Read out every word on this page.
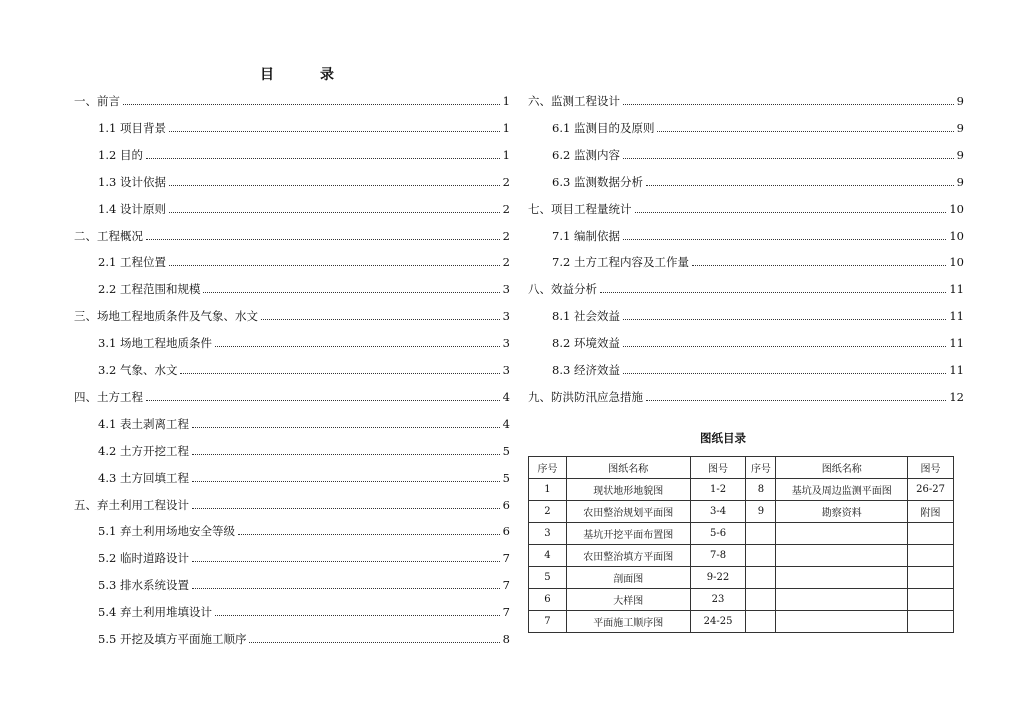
目	录
一、前言	1
1.1 项目背景	1
1.2 目的	1
1.3 设计依据	2
1.4 设计原则	2
二、工程概况	2
2.1 工程位置	2
2.2 工程范围和规模	3
三、场地工程地质条件及气象、水文	3
3.1 场地工程地质条件	3
3.2 气象、水文	3
四、土方工程	4
4.1 表土剥离工程	4
4.2 土方开挖工程	5
4.3 土方回填工程	5
五、弃土利用工程设计	6
5.1 弃土利用场地安全等级	6
5.2 临时道路设计	7
5.3 排水系统设置	7
5.4 弃土利用堆填设计	7
5.5 开挖及填方平面施工顺序	8
六、监测工程设计	9
6.1 监测目的及原则	9
6.2 监测内容	9
6.3 监测数据分析	9
七、项目工程量统计	10
7.1 编制依据	10
7.2 土方工程内容及工作量	10
八、效益分析	11
8.1 社会效益	11
8.2 环境效益	11
8.3 经济效益	11
九、防洪防汛应急措施	12
图纸目录
序号	图纸名称	图号	序号	图纸名称	图号
1	现状地形地貌图	1-2	8	基坑及周边监测平面图	26-27
2	农田整治规划平面图	3-4	9	勘察资料	附图
3	基坑开挖平面布置图	5-6			
4	农田整治填方平面图	7-8			
5	剖面图	9-22			
6	大样图	23			
7	平面施工顺序图	24-25			
